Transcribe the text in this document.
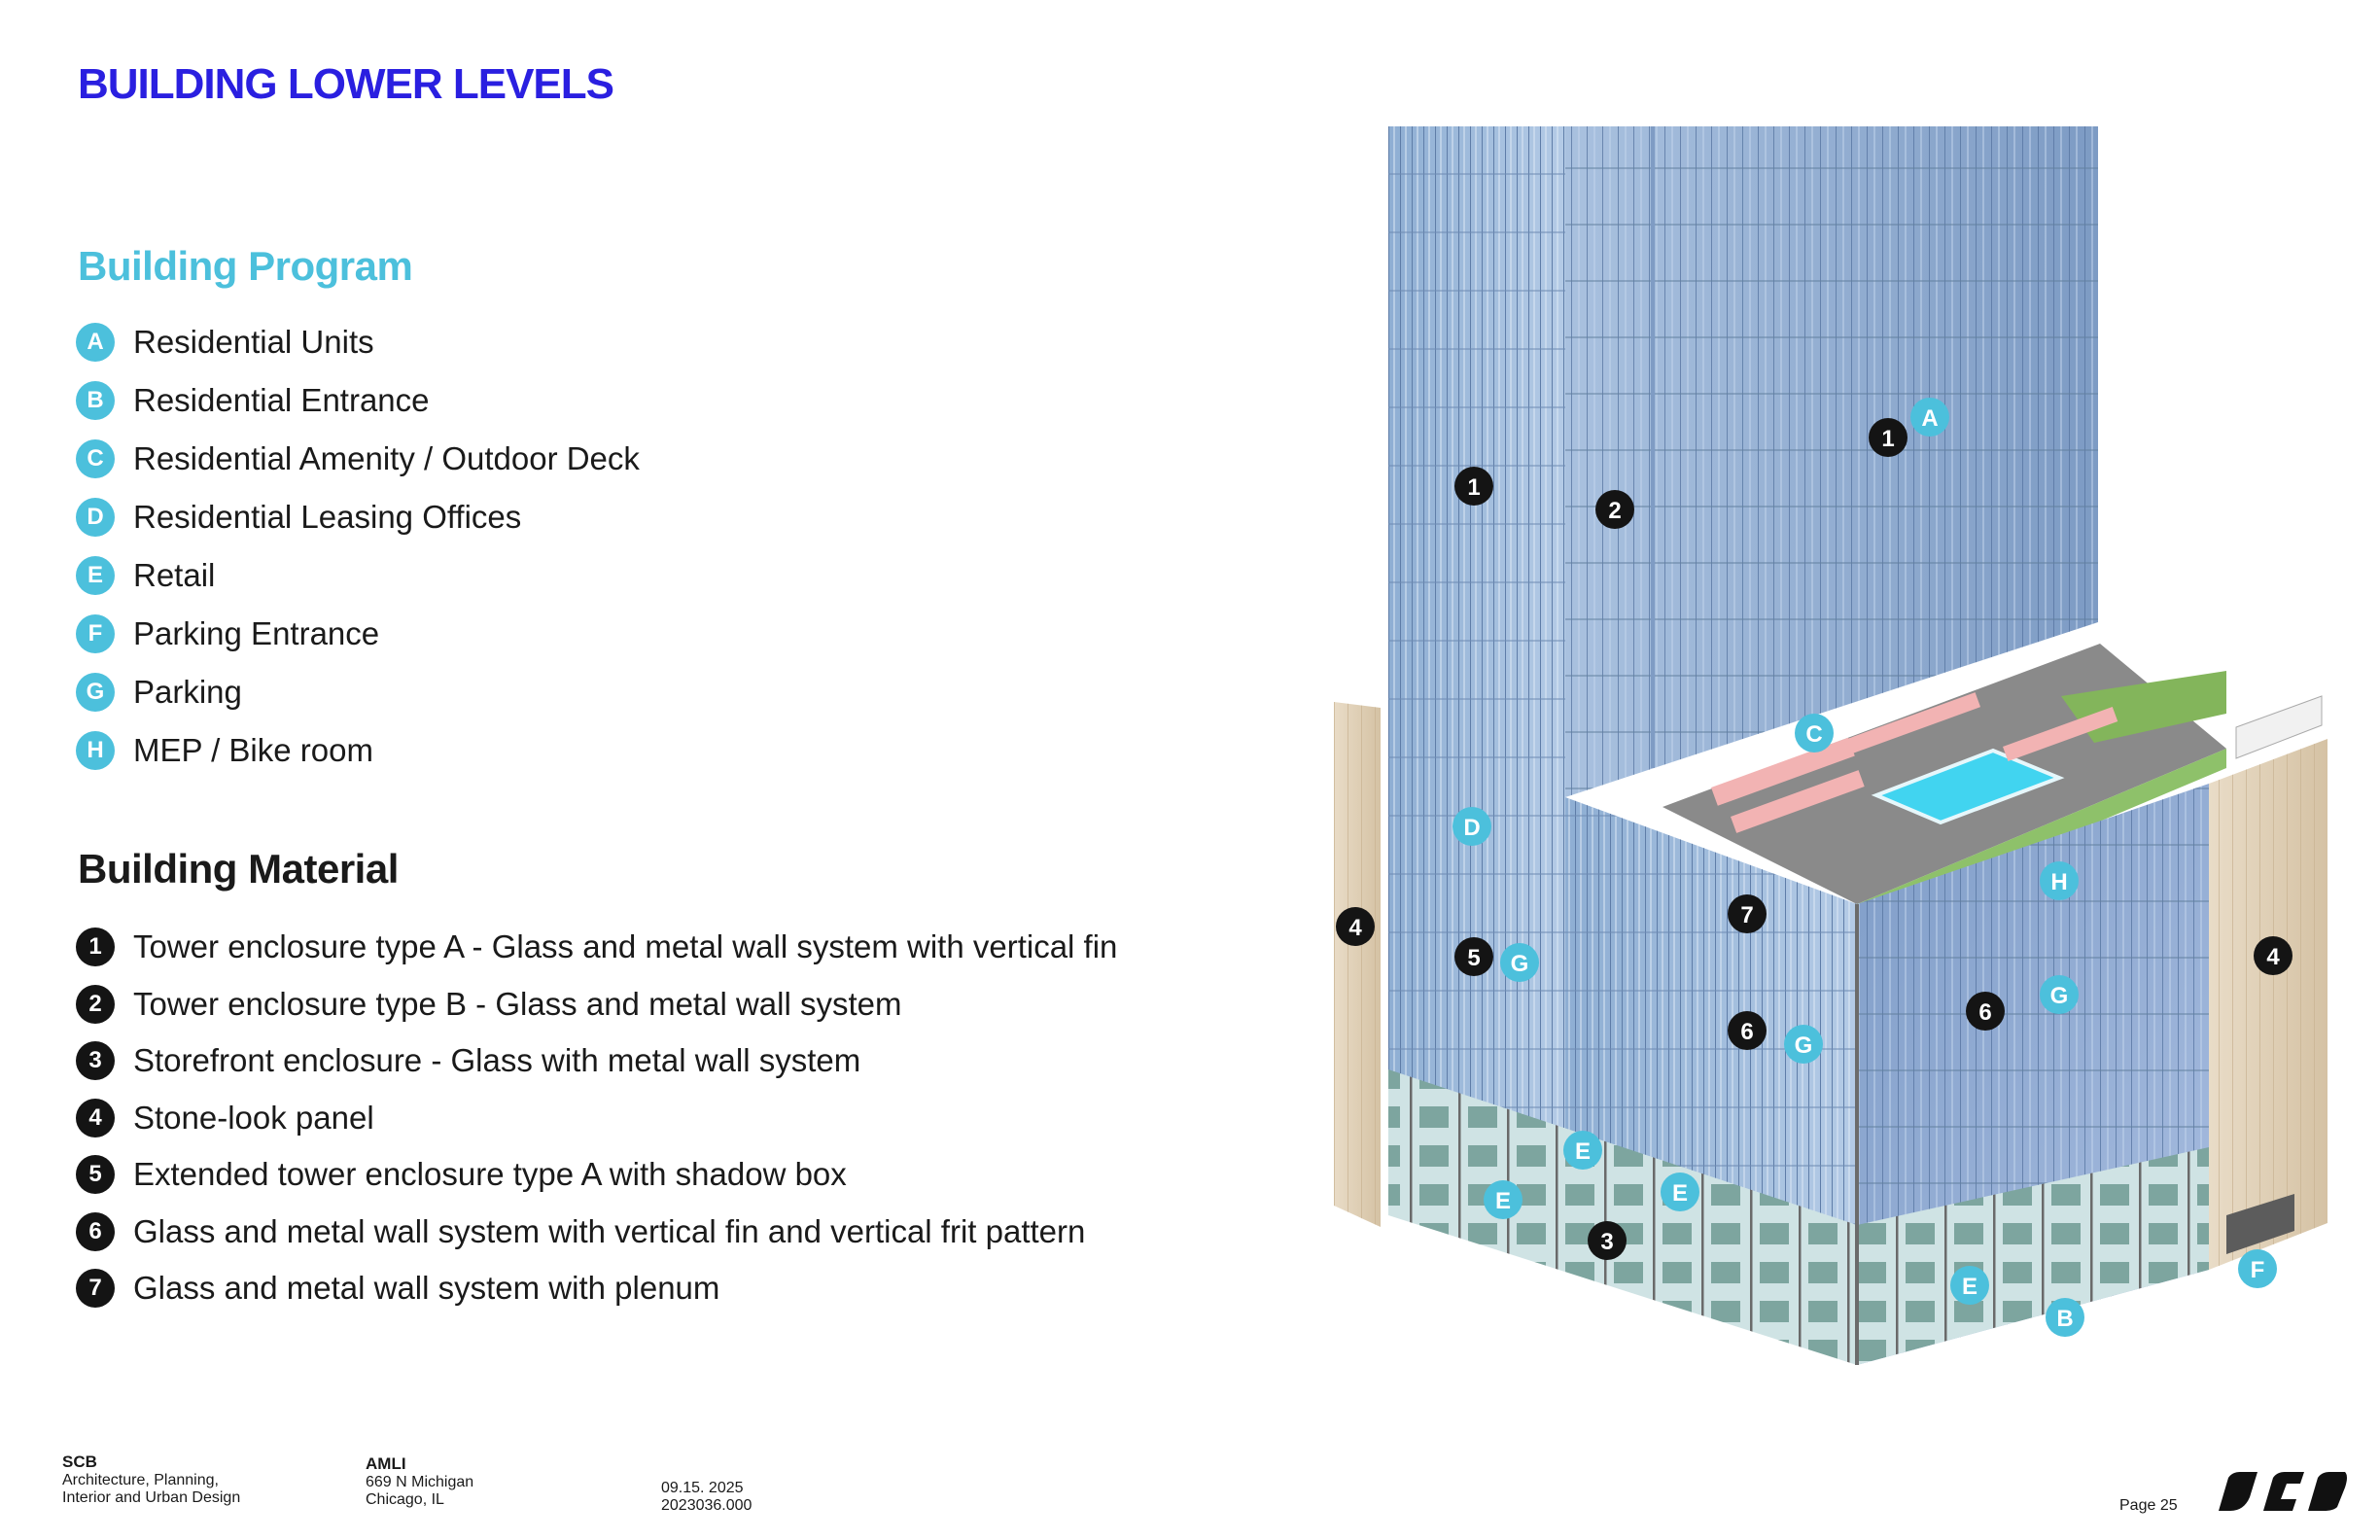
BUILDING LOWER LEVELS
Building Program
A Residential Units
B Residential Entrance
C Residential Amenity / Outdoor Deck
D Residential Leasing Offices
E Retail
F Parking Entrance
G Parking
H MEP / Bike room
Building Material
1 Tower enclosure type A - Glass and metal wall system with vertical fin
2 Tower enclosure type B - Glass and metal wall system
3 Storefront enclosure - Glass with metal wall system
4 Stone-look panel
5 Extended tower enclosure type A with shadow box
6 Glass and metal wall system with vertical fin and vertical frit pattern
7 Glass and metal wall system with plenum
A
B
C
D
E
E	E
E
F
G
G
G
H
1
1
2
3
4
4
5
6
6
7
SCB
Architecture, Planning,
Interior and Urban Design
AMLI
669 N Michigan
Chicago, IL
09.15. 2025
2023036.000	Page 25
